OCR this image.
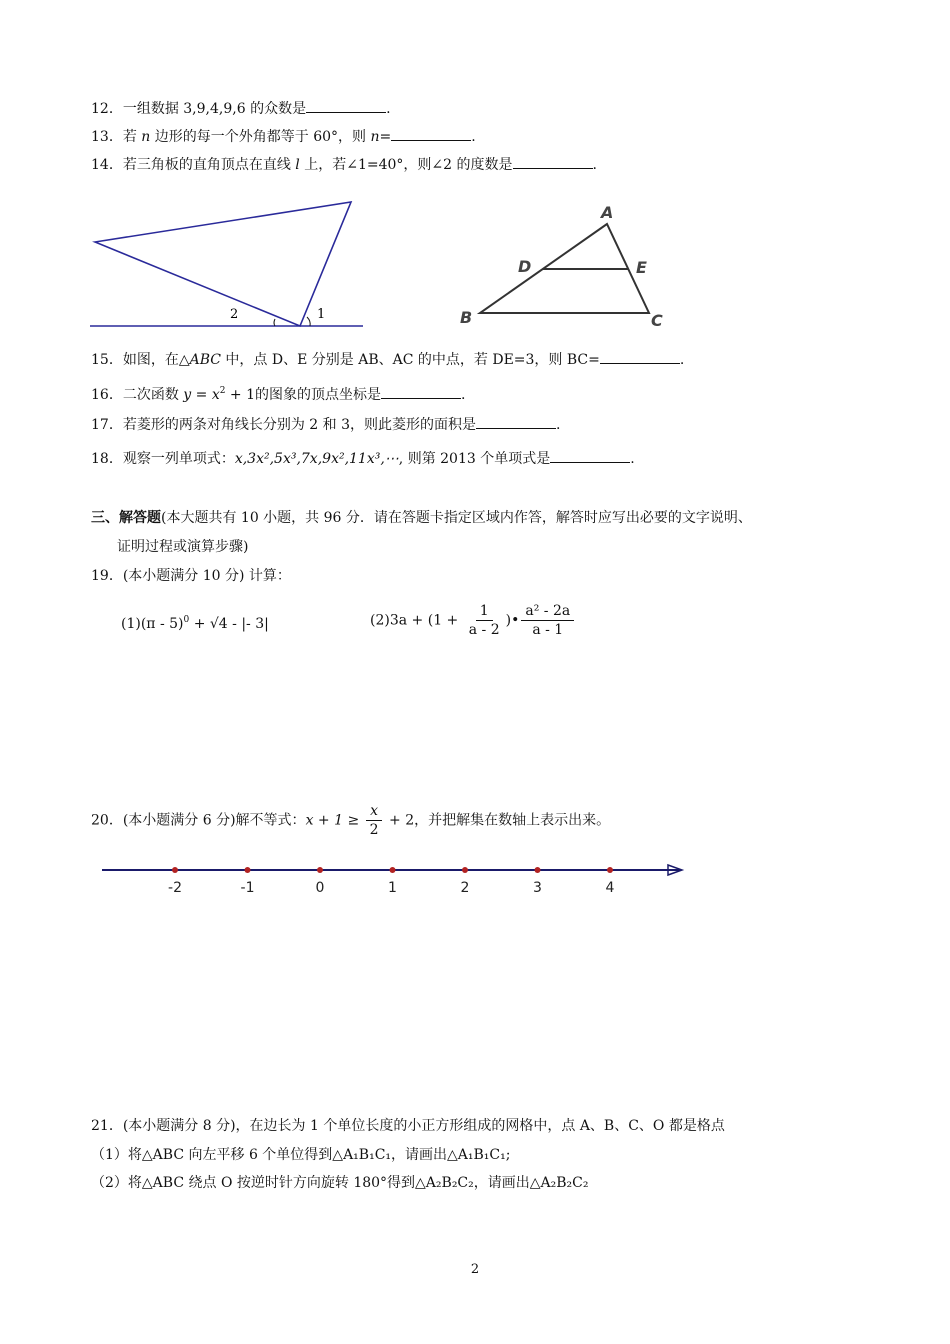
12．一组数据 3,9,4,9,6 的众数是	.
13．若 n 边形的每一个外角都等于 60°，则 n=	.
14．若三角板的直角顶点在直线 l 上，若∠1=40°，则∠2 的度数是	.
2	1
A
D	E
B	C
15．如图，在△ABC 中，点 D、E 分别是 AB、AC 的中点，若 DE=3，则 BC=	.
16．二次函数 $y = x^2 + 1$的图象的顶点坐标是	.
17．若菱形的两条对角线长分别为 2 和 3，则此菱形的面积是	.
18．观察一列单项式：x,3x²,5x³,7x,9x²,11x³,⋯, 则第 2013 个单项式是	.
三、解答题(本大题共有 10 小题，共 96 分．请在答题卡指定区域内作答，解答时应写出必要的文字说明、
证明过程或演算步骤)
19．(本小题满分 10 分) 计算：
(1)(π - 5)$^0$ + √4 - |- 3|	$(2)3a + (1 + \frac{1}{a - 2}$ )• $\frac{\text{a² - 2a}}{a - 1}$
20．(本小题满分 6 分)解不等式：$x + 1 \ge \frac{x}{2} + 2$，并把解集在数轴上表示出来。
-2	-1	0	1	2	3	4
21．(本小题满分 8 分)，在边长为 1 个单位长度的小正方形组成的网格中，点 A、B、C、O 都是格点
（1）将△ABC 向左平移 6 个单位得到△A₁B₁C₁，请画出△A₁B₁C₁;
（2）将△ABC 绕点 O 按逆时针方向旋转 180°得到△A₂B₂C₂，请画出△A₂B₂C₂
2
